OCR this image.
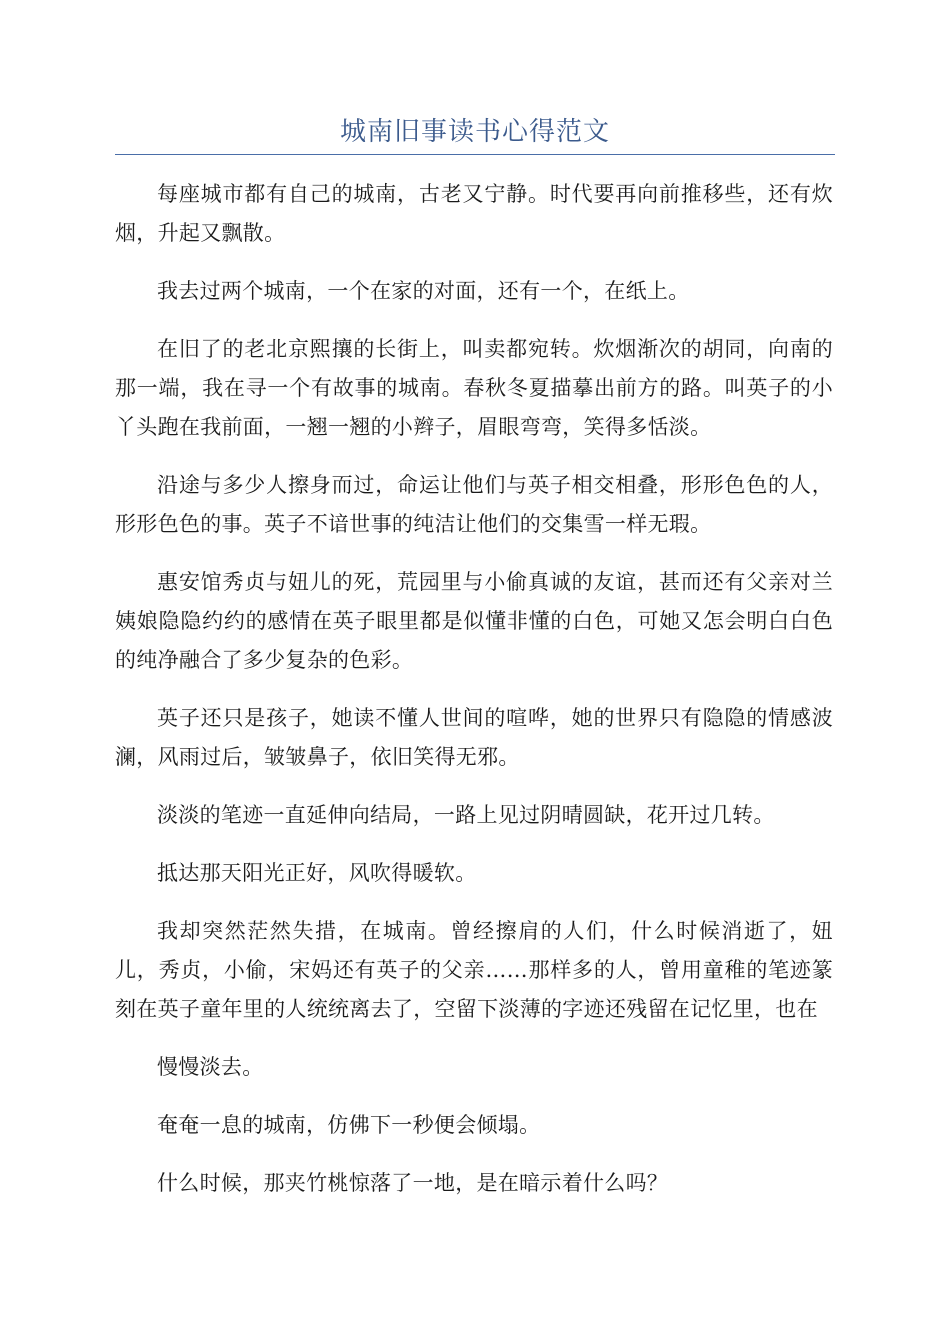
城南旧事读书心得范文

每座城市都有自己的城南，古老又宁静。时代要再向前推移些，还有炊烟，升起又飘散。

我去过两个城南，一个在家的对面，还有一个，在纸上。

在旧了的老北京熙攘的长街上，叫卖都宛转。炊烟渐次的胡同，向南的那一端，我在寻一个有故事的城南。春秋冬夏描摹出前方的路。叫英子的小丫头跑在我前面，一翘一翘的小辫子，眉眼弯弯，笑得多恬淡。

沿途与多少人擦身而过，命运让他们与英子相交相叠，形形色色的人，形形色色的事。英子不谙世事的纯洁让他们的交集雪一样无瑕。

惠安馆秀贞与妞儿的死，荒园里与小偷真诚的友谊，甚而还有父亲对兰姨娘隐隐约约的感情在英子眼里都是似懂非懂的白色，可她又怎会明白白色的纯净融合了多少复杂的色彩。

英子还只是孩子，她读不懂人世间的喧哗，她的世界只有隐隐的情感波澜，风雨过后，皱皱鼻子，依旧笑得无邪。

淡淡的笔迹一直延伸向结局，一路上见过阴晴圆缺，花开过几转。

抵达那天阳光正好，风吹得暖软。

我却突然茫然失措，在城南。曾经擦肩的人们，什么时候消逝了，妞儿，秀贞，小偷，宋妈还有英子的父亲……那样多的人，曾用童稚的笔迹篆刻在英子童年里的人统统离去了，空留下淡薄的字迹还残留在记忆里，也在

慢慢淡去。

奄奄一息的城南，仿佛下一秒便会倾塌。

什么时候，那夹竹桃惊落了一地，是在暗示着什么吗？
